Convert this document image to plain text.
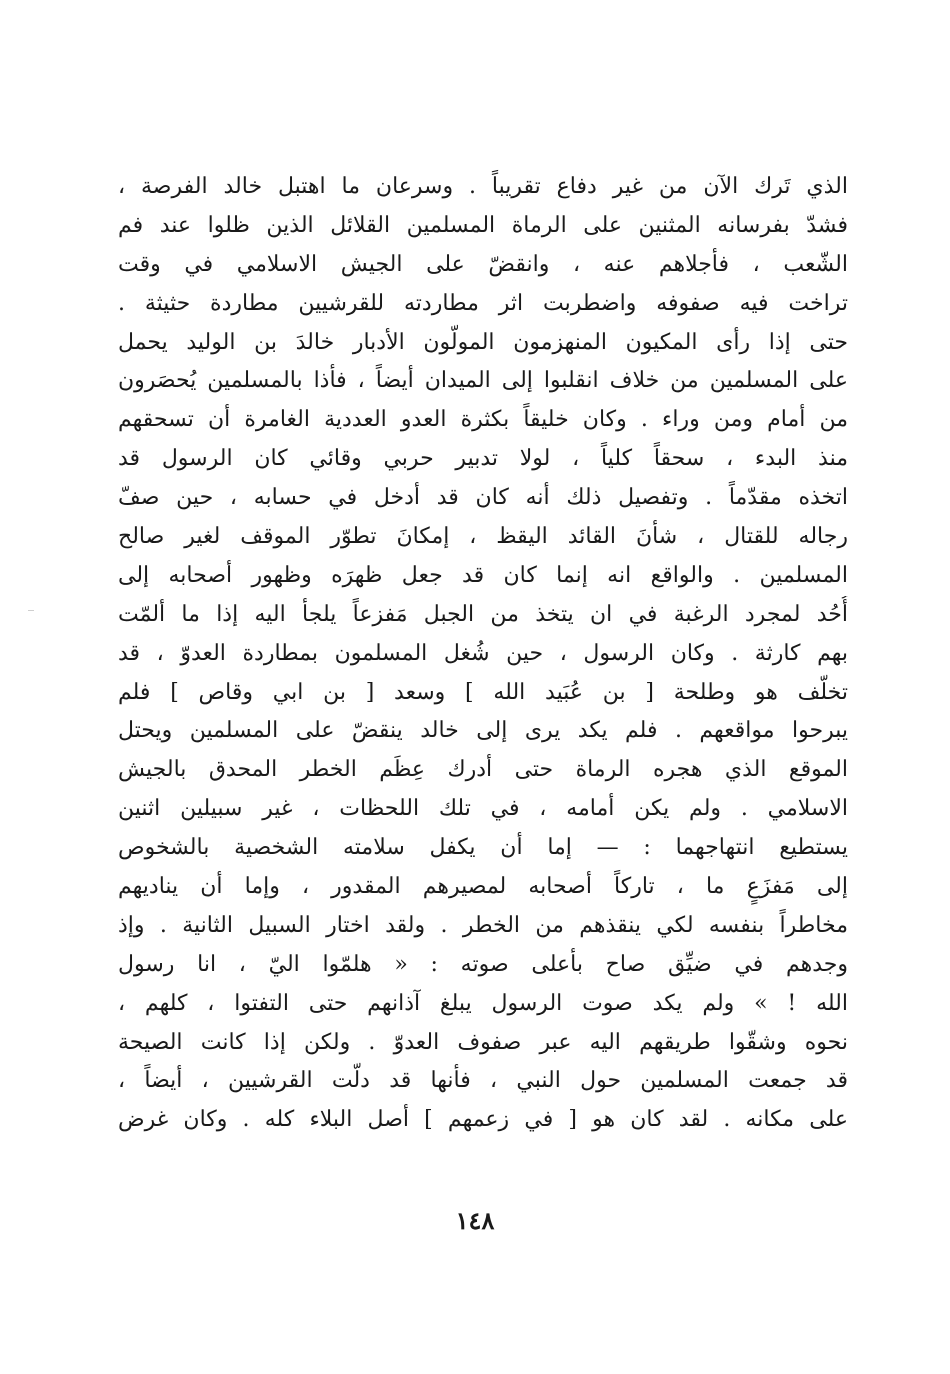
الذي تَرك الآن من غير دفاع تقريباً . وسرعان ما اهتبل خالد الفرصة ،
فشدّ بفرسانه المثنين على الرماة المسلمين القلائل الذين ظلوا عند فم
الشّعب ، فأجلاهم عنه ، وانقضّ على الجيش الاسلامي في وقت
تراخت فيه صفوفه واضطربت اثر مطاردته للقرشيين مطاردة حثيثة .
حتى إذا رأى المكيون المنهزمون المولّون الأدبار خالدَ بن الوليد يحمل
على المسلمين من خلاف انقلبوا إلى الميدان أيضاً ، فأذا بالمسلمين يُحصَرون
من أمام ومن وراء . وكان خليقاً بكثرة العدو العددية الغامرة أن تسحقهم
منذ البدء ، سحقاً كلياً ، لولا تدبير حربي وقائي كان الرسول قد
اتخذه مقدّماً . وتفصيل ذلك أنه كان قد أدخل في حسابه ، حين صفّ
رجاله للقتال ، شأنَ القائد اليقظ ، إمكانَ تطوّر الموقف لغير صالح
المسلمين . والواقع انه إنما كان قد جعل ظهرَه وظهور أصحابه إلى
أُحُد لمجرد الرغبة في ان يتخذ من الجبل مَفزعاً يلجأ اليه إذا ما ألمّت
بهم كارثة . وكان الرسول ، حين شُغل المسلمون بمطاردة العدوّ ، قد
تخلّف هو وطلحة [ بن عُبَيد الله ] وسعد [ بن ابي وقاص ] فلم
يبرحوا مواقعهم . فلم يكد يرى إلى خالد ينقضّ على المسلمين ويحتل
الموقع الذي هجره الرماة حتى أدرك عِظَم الخطر المحدق بالجيش
الاسلامي . ولم يكن أمامه ، في تلك اللحظات ، غير سبيلين اثنين
يستطيع انتهاجهما : — إما أن يكفل سلامته الشخصية بالشخوص
إلى مَفزَعٍ ما ، تاركاً أصحابه لمصيرهم المقدور ، وإما أن يناديهم
مخاطراً بنفسه لكي ينقذهم من الخطر . ولقد اختار السبيل الثانية . وإذ
وجدهم في ضيِّق صاح بأعلى صوته : « هلمّوا اليّ ، انا رسول
الله ! » ولم يكد صوت الرسول يبلغ آذانهم حتى التفتوا ، كلهم ،
نحوه وشقّوا طريقهم اليه عبر صفوف العدوّ . ولكن إذا كانت الصيحة
قد جمعت المسلمين حول النبي ، فأنها قد دلّت القرشيين ، أيضاً ،
على مكانه . لقد كان هو [ في زعمهم ] أصل البلاء كله . وكان غرض
١٤٨
